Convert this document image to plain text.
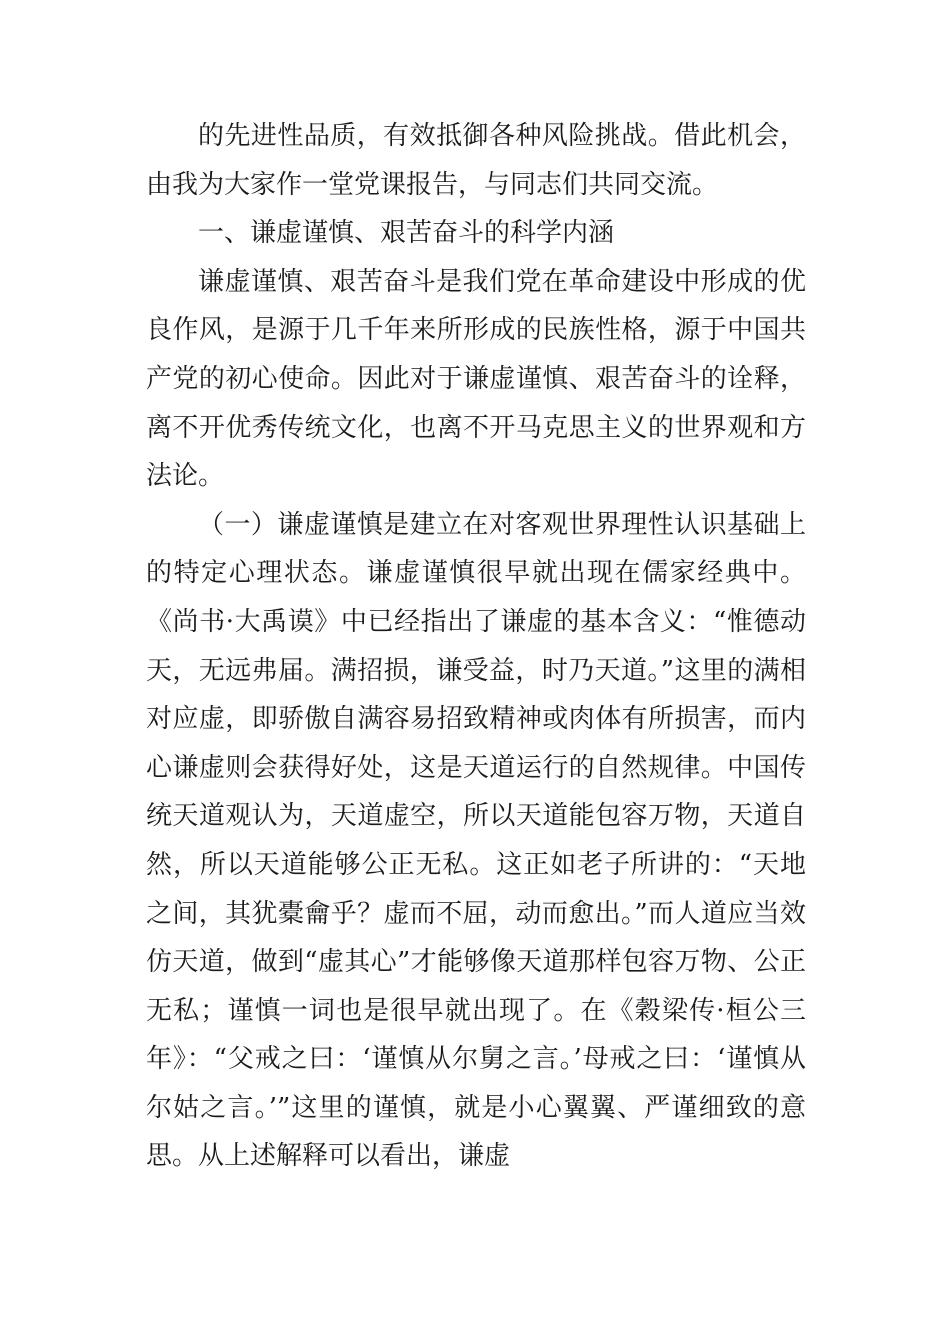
的先进性品质，有效抵御各种风险挑战。借此机会，由我为大家作一堂党课报告，与同志们共同交流。

一、谦虚谨慎、艰苦奋斗的科学内涵

谦虚谨慎、艰苦奋斗是我们党在革命建设中形成的优良作风，是源于几千年来所形成的民族性格，源于中国共产党的初心使命。因此对于谦虚谨慎、艰苦奋斗的诠释，离不开优秀传统文化，也离不开马克思主义的世界观和方法论。

（一）谦虚谨慎是建立在对客观世界理性认识基础上的特定心理状态。谦虚谨慎很早就出现在儒家经典中。《尚书·大禹谟》中已经指出了谦虚的基本含义：“惟德动天，无远弗届。满招损，谦受益，时乃天道。”这里的满相对应虚，即骄傲自满容易招致精神或肉体有所损害，而内心谦虚则会获得好处，这是天道运行的自然规律。中国传统天道观认为，天道虚空，所以天道能包容万物，天道自然，所以天道能够公正无私。这正如老子所讲的：“天地之间，其犹橐龠乎？虚而不屈，动而愈出。”而人道应当效仿天道，做到“虚其心”才能够像天道那样包容万物、公正无私；谨慎一词也是很早就出现了。在《穀梁传·桓公三年》：“父戒之曰：‘谨慎从尔舅之言。’母戒之曰：‘谨慎从尔姑之言。’”这里的谨慎，就是小心翼翼、严谨细致的意思。从上述解释可以看出，谦虚
